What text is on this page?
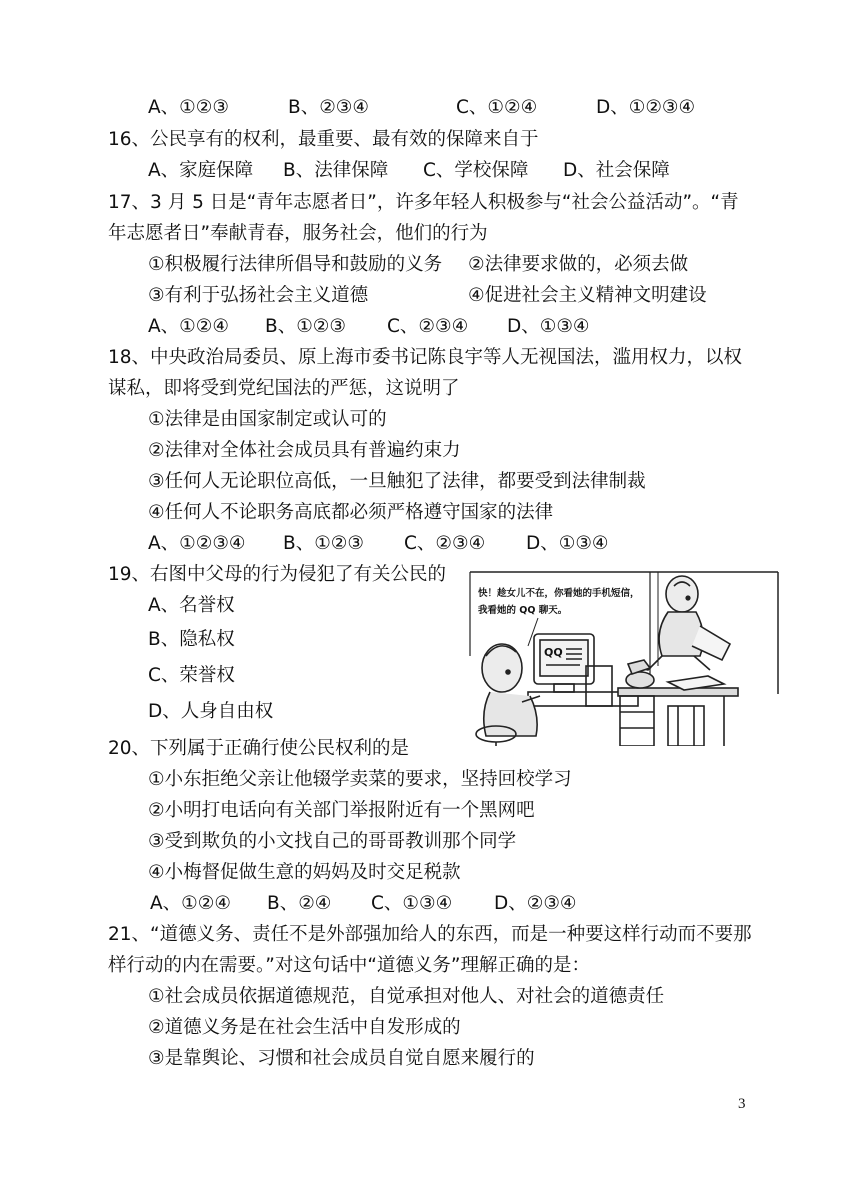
A、①②③	B、②③④	C、①②④	D、①②③④
16、公民享有的权利，最重要、最有效的保障来自于
A、家庭保障 B、法律保障 C、学校保障 D、社会保障
17、3 月 5 日是“青年志愿者日”，许多年轻人积极参与“社会公益活动”。“青
年志愿者日”奉献青春，服务社会，他们的行为
①积极履行法律所倡导和鼓励的义务 ②法律要求做的，必须去做
③有利于弘扬社会主义道德	④促进社会主义精神文明建设
A、①②④ B、①②③ C、②③④ D、①③④
18、中央政治局委员、原上海市委书记陈良宇等人无视国法，滥用权力，以权
谋私，即将受到党纪国法的严惩，这说明了
①法律是由国家制定或认可的
②法律对全体社会成员具有普遍约束力
③任何人无论职位高低，一旦触犯了法律，都要受到法律制裁
④任何人不论职务高底都必须严格遵守国家的法律
A、①②③④ B、①②③ C、②③④ D、①③④
19、右图中父母的行为侵犯了有关公民的
A、名誉权
B、隐私权
C、荣誉权
D、人身自由权
快！趁女儿不在，你看她的手机短信，
我看她的 QQ 聊天。
QQ
20、下列属于正确行使公民权利的是
①小东拒绝父亲让他辍学卖菜的要求，坚持回校学习
②小明打电话向有关部门举报附近有一个黑网吧
③受到欺负的小文找自己的哥哥教训那个同学
④小梅督促做生意的妈妈及时交足税款
A、①②④ B、②④ C、①③④ D、②③④
21、“道德义务、责任不是外部强加给人的东西，而是一种要这样行动而不要那
样行动的内在需要。”对这句话中“道德义务”理解正确的是：
①社会成员依据道德规范，自觉承担对他人、对社会的道德责任
②道德义务是在社会生活中自发形成的
③是靠舆论、习惯和社会成员自觉自愿来履行的
3
